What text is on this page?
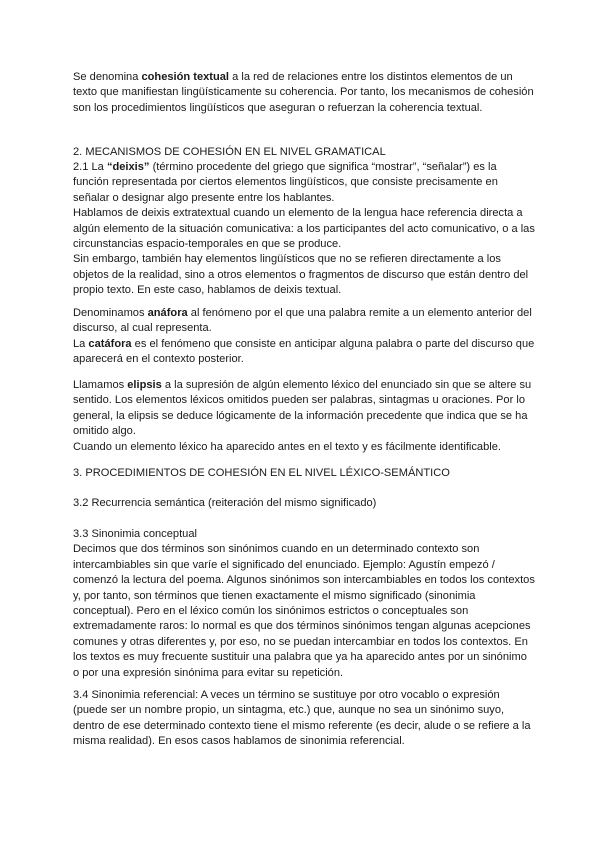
Se denomina cohesión textual a la red de relaciones entre los distintos elementos de un texto que manifiestan lingüísticamente su coherencia. Por tanto, los mecanismos de cohesión son los procedimientos lingüísticos que aseguran o refuerzan la coherencia textual.

2. MECANISMOS DE COHESIÓN EN EL NIVEL GRAMATICAL

2.1 La “deixis” (término procedente del griego que significa “mostrar”, “señalar”) es la función representada por ciertos elementos lingüísticos, que consiste precisamente en señalar o designar algo presente entre los hablantes.

Hablamos de deixis extratextual cuando un elemento de la lengua hace referencia directa a algún elemento de la situación comunicativa: a los participantes del acto comunicativo, o a las circunstancias espacio-temporales en que se produce.

Sin embargo, también hay elementos lingüísticos que no se refieren directamente a los objetos de la realidad, sino a otros elementos o fragmentos de discurso que están dentro del propio texto. En este caso, hablamos de deixis textual.

Denominamos anáfora al fenómeno por el que una palabra remite a un elemento anterior del discurso, al cual representa.

La catáfora es el fenómeno que consiste en anticipar alguna palabra o parte del discurso que aparecerá en el contexto posterior.

Llamamos elipsis a la supresión de algún elemento léxico del enunciado sin que se altere su sentido. Los elementos léxicos omitidos pueden ser palabras, sintagmas u oraciones. Por lo general, la elipsis se deduce lógicamente de la información precedente que indica que se ha omitido algo.

Cuando un elemento léxico ha aparecido antes en el texto y es fácilmente identificable.

3. PROCEDIMIENTOS DE COHESIÓN EN EL NIVEL LÉXICO-SEMÁNTICO

3.2 Recurrencia semántica (reiteración del mismo significado)

3.3 Sinonimia conceptual

Decimos que dos términos son sinónimos cuando en un determinado contexto son intercambiables sin que varíe el significado del enunciado. Ejemplo: Agustín empezó / comenzó la lectura del poema. Algunos sinónimos son intercambiables en todos los contextos y, por tanto, son términos que tienen exactamente el mismo significado (sinonimia conceptual). Pero en el léxico común los sinónimos estrictos o conceptuales son extremadamente raros: lo normal es que dos términos sinónimos tengan algunas acepciones comunes y otras diferentes y, por eso, no se puedan intercambiar en todos los contextos. En los textos es muy frecuente sustituir una palabra que ya ha aparecido antes por un sinónimo o por una expresión sinónima para evitar su repetición.

3.4 Sinonimia referencial: A veces un término se sustituye por otro vocablo o expresión (puede ser un nombre propio, un sintagma, etc.) que, aunque no sea un sinónimo suyo, dentro de ese determinado contexto tiene el mismo referente (es decir, alude o se refiere a la misma realidad). En esos casos hablamos de sinonimia referencial.
